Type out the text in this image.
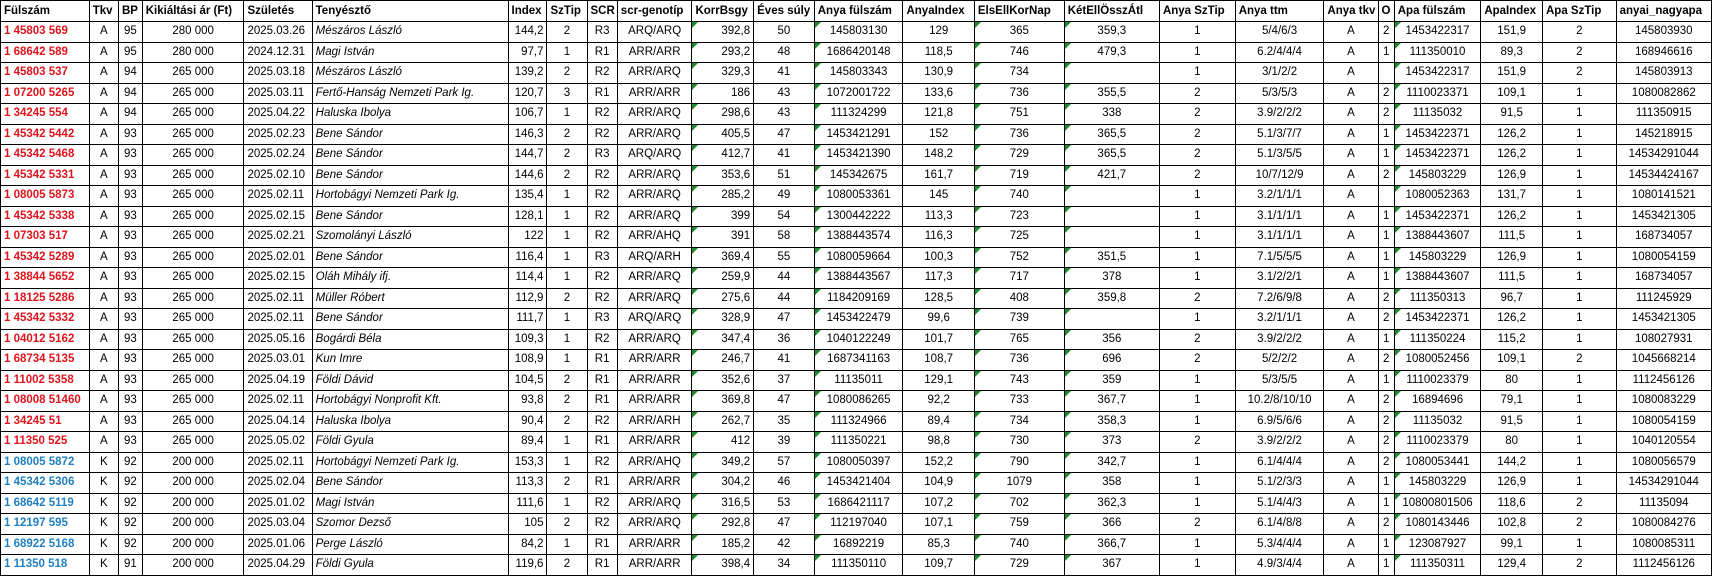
Fülszám	Tkv	BP	Kikiáltási ár (Ft)	Születés	Tenyésztő	Index	SzTip	SCR	scr-genotíp	KorrBsgy	Éves súly	Anya fülszám	AnyaIndex	ElsEllKorNap	KétEllÖsszÁtl	Anya SzTip	Anya ttm	Anya tkv	O	Apa fülszám	ApaIndex	Apa SzTip	anyai_nagyapa
1 45803 569	A	95	280 000	2025.03.26	Mészáros László	144,2	2	R3	ARQ/ARQ	392,8	50	145803130	129	365	359,3	1	5/4/6/3	A	2	1453422317	151,9	2	145803930
1 68642 589	A	95	280 000	2024.12.31	Magi István	97,7	1	R1	ARR/ARR	293,2	48	1686420148	118,5	746	479,3	1	6.2/4/4/4	A	1	111350010	89,3	2	168946616
1 45803 537	A	94	265 000	2025.03.18	Mészáros László	139,2	2	R2	ARR/ARQ	329,3	41	145803343	130,9	734		1	3/1/2/2	A		1453422317	151,9	2	145803913
1 07200 5265	A	94	265 000	2025.03.11	Fertő-Hanság Nemzeti Park Ig.	120,7	3	R1	ARR/ARR	186	43	1072001722	133,6	736	355,5	2	5/3/5/3	A	2	1110023371	109,1	1	1080082862
1 34245 554	A	94	265 000	2025.04.22	Haluska Ibolya	106,7	1	R2	ARR/ARQ	298,6	43	111324299	121,8	751	338	2	3.9/2/2/2	A	2	11135032	91,5	1	111350915
1 45342 5442	A	93	265 000	2025.02.23	Bene Sándor	146,3	2	R2	ARR/ARQ	405,5	47	1453421291	152	736	365,5	2	5.1/3/7/7	A	1	1453422371	126,2	1	145218915
1 45342 5468	A	93	265 000	2025.02.24	Bene Sándor	144,7	2	R3	ARQ/ARQ	412,7	41	1453421390	148,2	729	365,5	2	5.1/3/5/5	A	1	1453422371	126,2	1	14534291044
1 45342 5331	A	93	265 000	2025.02.10	Bene Sándor	144,6	2	R2	ARR/ARQ	353,6	51	145342675	161,7	719	421,7	2	10/7/12/9	A	2	145803229	126,9	1	14534424167
1 08005 5873	A	93	265 000	2025.02.11	Hortobágyi Nemzeti Park Ig.	135,4	1	R2	ARR/ARQ	285,2	49	1080053361	145	740		1	3.2/1/1/1	A		1080052363	131,7	1	1080141521
1 45342 5338	A	93	265 000	2025.02.15	Bene Sándor	128,1	1	R2	ARR/ARQ	399	54	1300442222	113,3	723		1	3.1/1/1/1	A	1	1453422371	126,2	1	1453421305
1 07303 517	A	93	265 000	2025.02.21	Szomolányi László	122	1	R2	ARR/AHQ	391	58	1388443574	116,3	725		1	3.1/1/1/1	A	1	1388443607	111,5	1	168734057
1 45342 5289	A	93	265 000	2025.02.01	Bene Sándor	116,4	1	R3	ARQ/ARH	369,4	55	1080059664	100,3	752	351,5	1	7.1/5/5/5	A	1	145803229	126,9	1	1080054159
1 38844 5652	A	93	265 000	2025.02.15	Oláh Mihály ifj.	114,4	1	R2	ARR/ARQ	259,9	44	1388443567	117,3	717	378	1	3.1/2/2/1	A	1	1388443607	111,5	1	168734057
1 18125 5286	A	93	265 000	2025.02.11	Müller Róbert	112,9	2	R2	ARR/ARQ	275,6	44	1184209169	128,5	408	359,8	2	7.2/6/9/8	A	2	111350313	96,7	1	111245929
1 45342 5332	A	93	265 000	2025.02.11	Bene Sándor	111,7	1	R3	ARQ/ARQ	328,9	47	1453422479	99,6	739		1	3.2/1/1/1	A	2	1453422371	126,2	1	1453421305
1 04012 5162	A	93	265 000	2025.05.16	Bogárdi Béla	109,3	1	R2	ARR/ARQ	347,4	36	1040122249	101,7	765	356	2	3.9/2/2/2	A	1	111350224	115,2	1	108027931
1 68734 5135	A	93	265 000	2025.03.01	Kun Imre	108,9	1	R1	ARR/ARR	246,7	41	1687341163	108,7	736	696	2	5/2/2/2	A	2	1080052456	109,1	2	1045668214
1 11002 5358	A	93	265 000	2025.04.19	Földi Dávid	104,5	2	R1	ARR/ARR	352,6	37	11135011	129,1	743	359	1	5/3/5/5	A	1	1110023379	80	1	1112456126
1 08008 51460	A	93	265 000	2025.02.11	Hortobágyi Nonprofit Kft.	93,8	2	R1	ARR/ARR	369,8	47	1080086265	92,2	733	367,7	1	10.2/8/10/10	A	2	16894696	79,1	1	1080083229
1 34245 51	A	93	265 000	2025.04.14	Haluska Ibolya	90,4	2	R2	ARR/ARH	262,7	35	111324966	89,4	734	358,3	1	6.9/5/6/6	A	2	11135032	91,5	1	1080054159
1 11350 525	A	93	265 000	2025.05.02	Földi Gyula	89,4	1	R1	ARR/ARR	412	39	111350221	98,8	730	373	2	3.9/2/2/2	A	2	1110023379	80	1	1040120554
1 08005 5872	K	92	200 000	2025.02.11	Hortobágyi Nemzeti Park Ig.	153,3	1	R2	ARR/AHQ	349,2	57	1080050397	152,2	790	342,7	1	6.1/4/4/4	A	2	1080053441	144,2	1	1080056579
1 45342 5306	K	92	200 000	2025.02.04	Bene Sándor	113,3	2	R1	ARR/ARR	304,2	46	1453421404	104,9	1079	358	1	5.1/2/3/3	A	1	145803229	126,9	1	14534291044
1 68642 5119	K	92	200 000	2025.01.02	Magi István	111,6	1	R2	ARR/ARQ	316,5	53	1686421117	107,2	702	362,3	1	5.1/4/4/3	A	1	10800801506	118,6	2	11135094
1 12197 595	K	92	200 000	2025.03.04	Szomor Dezső	105	2	R2	ARR/ARQ	292,8	47	112197040	107,1	759	366	2	6.1/4/8/8	A	2	1080143446	102,8	2	1080084276
1 68922 5168	K	92	200 000	2025.01.06	Perge László	84,2	1	R1	ARR/ARR	185,2	42	16892219	85,3	740	366,7	1	5.3/4/4/4	A	1	123087927	99,1	1	1080085311
1 11350 518	K	91	200 000	2025.04.29	Földi Gyula	119,6	2	R1	ARR/ARR	398,4	34	111350110	109,7	729	367	1	4.9/3/4/4	A	1	111350311	129,4	2	1112456126
